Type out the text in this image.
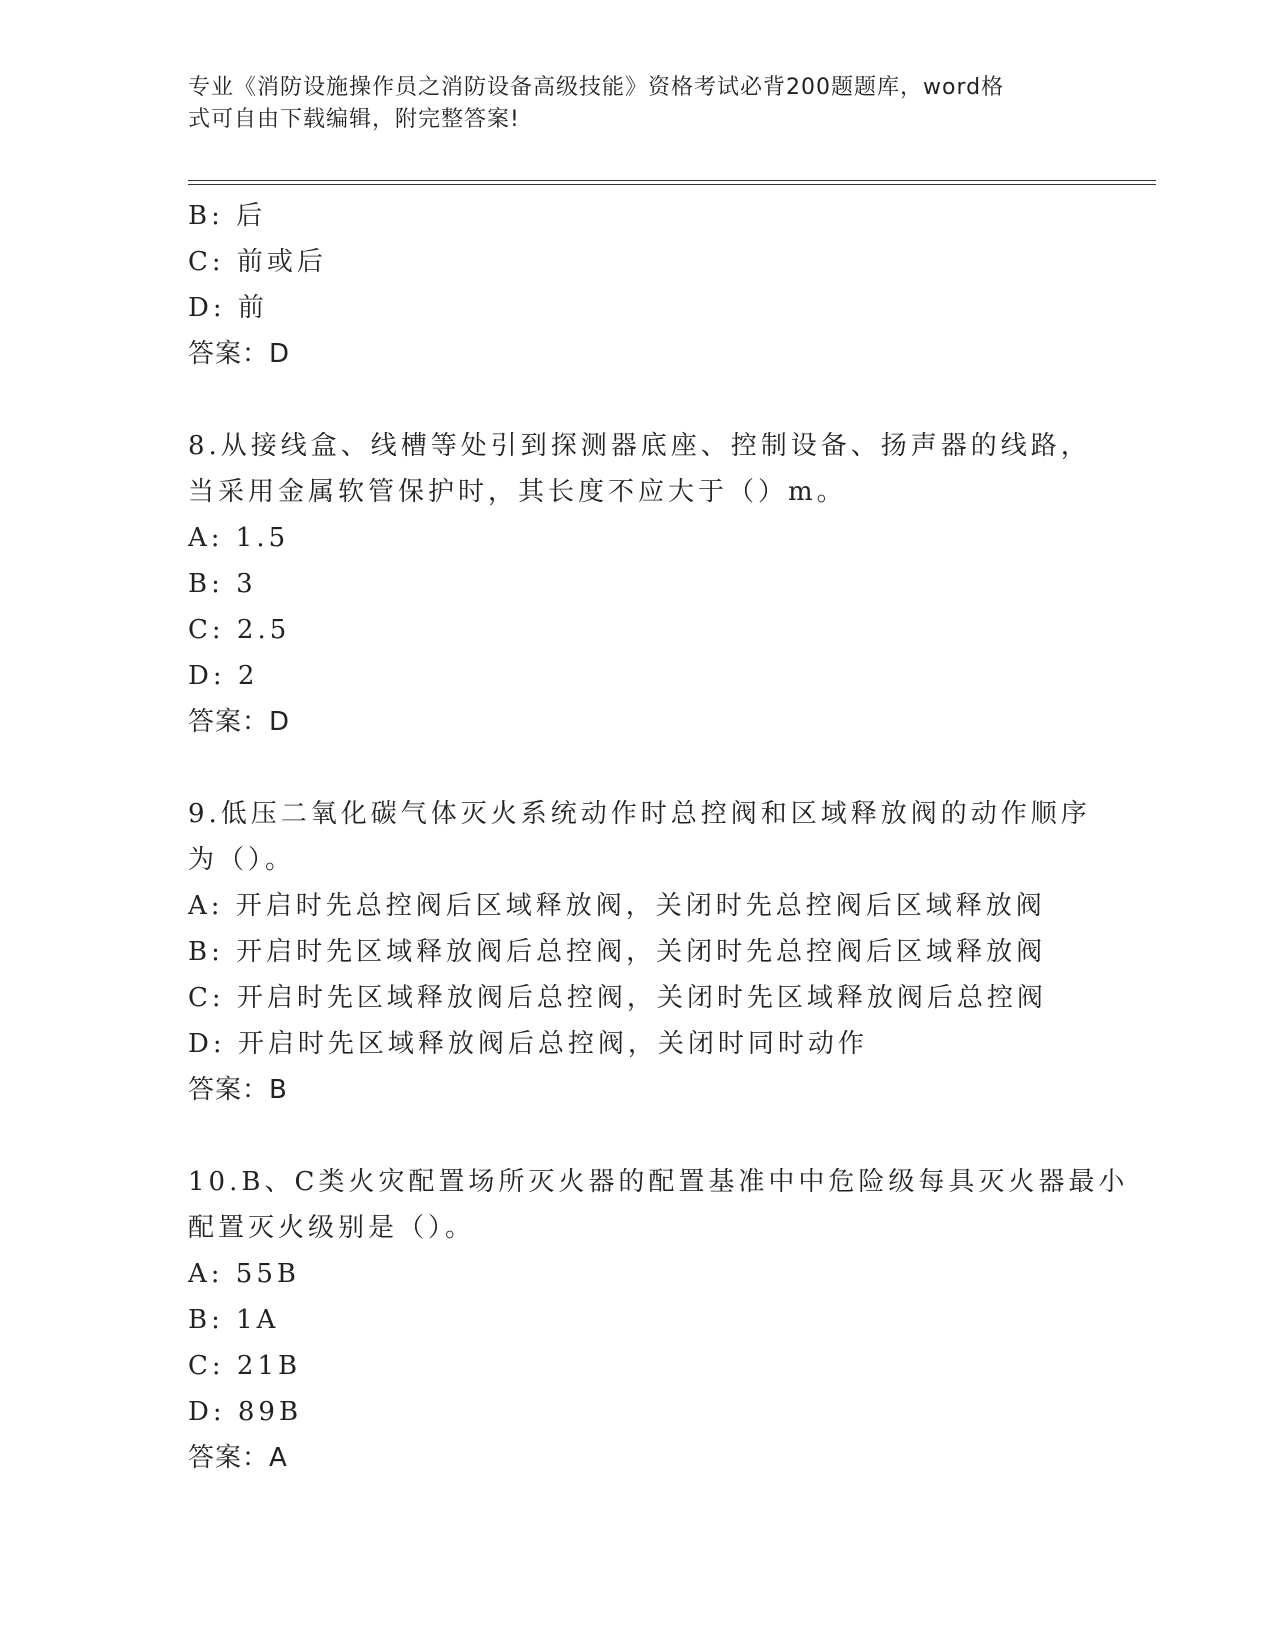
专业《消防设施操作员之消防设备高级技能》资格考试必背200题题库，word格
式可自由下载编辑，附完整答案!
B: 后
C: 前或后
D: 前
答案：D
8.从接线盒、线槽等处引到探测器底座、控制设备、扬声器的线路，
当采用金属软管保护时，其长度不应大于（）m。
A: 1.5
B: 3
C: 2.5
D: 2
答案：D
9.低压二氧化碳气体灭火系统动作时总控阀和区域释放阀的动作顺序
为（）。
A: 开启时先总控阀后区域释放阀，关闭时先总控阀后区域释放阀
B: 开启时先区域释放阀后总控阀，关闭时先总控阀后区域释放阀
C: 开启时先区域释放阀后总控阀，关闭时先区域释放阀后总控阀
D: 开启时先区域释放阀后总控阀，关闭时同时动作
答案：B
10.B、C类火灾配置场所灭火器的配置基准中中危险级每具灭火器最小
配置灭火级别是（）。
A: 55B
B: 1A
C: 21B
D: 89B
答案：A
